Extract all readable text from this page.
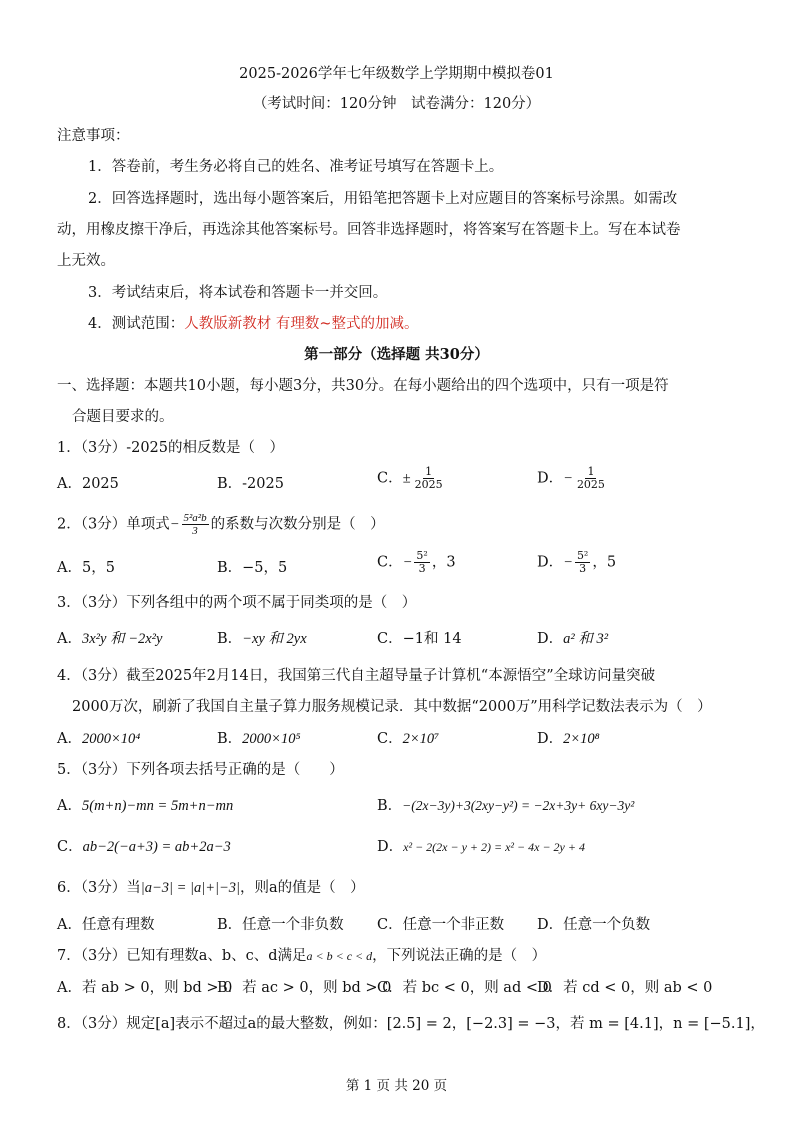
2025-2026学年七年级数学上学期期中模拟卷01
（考试时间：120分钟　试卷满分：120分）
注意事项：
1．答卷前，考生务必将自己的姓名、准考证号填写在答题卡上。
2．回答选择题时，选出每小题答案后，用铅笔把答题卡上对应题目的答案标号涂黑。如需改
动，用橡皮擦干净后，再选涂其他答案标号。回答非选择题时，将答案写在答题卡上。写在本试卷
上无效。
3．考试结束后，将本试卷和答题卡一并交回。
4．测试范围：人教版新教材 有理数~整式的加减。
第一部分（选择题 共30分）
一、选择题：本题共10小题，每小题3分，共30分。在每小题给出的四个选项中，只有一项是符
合题目要求的。
1．（3分）-2025的相反数是（　）
A．2025	B．-2025	C．± $\frac{1}{2025}$	D．− $\frac{1}{2025}$
2．（3分）单项式− $\frac{\text{5²a²b}}{3}$ 的系数与次数分别是（　）
A．5，5	B．−5，5	C．− $\frac{\text{5²}}{3}$ ，3	D．− $\frac{\text{5²}}{3}$ ，5
3．（3分）下列各组中的两个项不属于同类项的是（　）
A．3x²y 和 −2x²y	B．−xy 和 2yx	C．−1和 14	D．a² 和 3²
4．（3分）截至2025年2月14日，我国第三代自主超导量子计算机“本源悟空”全球访问量突破
2000万次，刷新了我国自主量子算力服务规模记录．其中数据“2000万”用科学记数法表示为（　）
A．2000×10⁴	B．2000×10⁵	C．2×10⁷	D．2×10⁸
5．（3分）下列各项去括号正确的是（　　）
A．5(m+n)−mn = 5m+n−mn	B．−(2x−3y)+3(2xy−y²) = −2x+3y+ 6xy−3y²
C．ab−2(−a+3) = ab+2a−3	D．x² − 2(2x − y + 2) = x² − 4x − 2y + 4
6．（3分）当|a−3| = |a|+|−3|，则a的值是（　）
A．任意有理数	B．任意一个非负数 C．任意一个非正数 D．任意一个负数
7．（3分）已知有理数a、b、c、d满足a < b < c < d，下列说法正确的是（　）
A．若 ab > 0，则 bd > 0
B．若 ac > 0，则 bd > 0
C．若 bc < 0，则 ad < 0
D．若 cd < 0，则 ab < 0
8．（3分）规定[a]表示不超过a的最大整数，例如：[2.5] = 2，[−2.3] = −3，若 m = [4.1]，n = [−5.1]，
第 1 页 共 20 页
